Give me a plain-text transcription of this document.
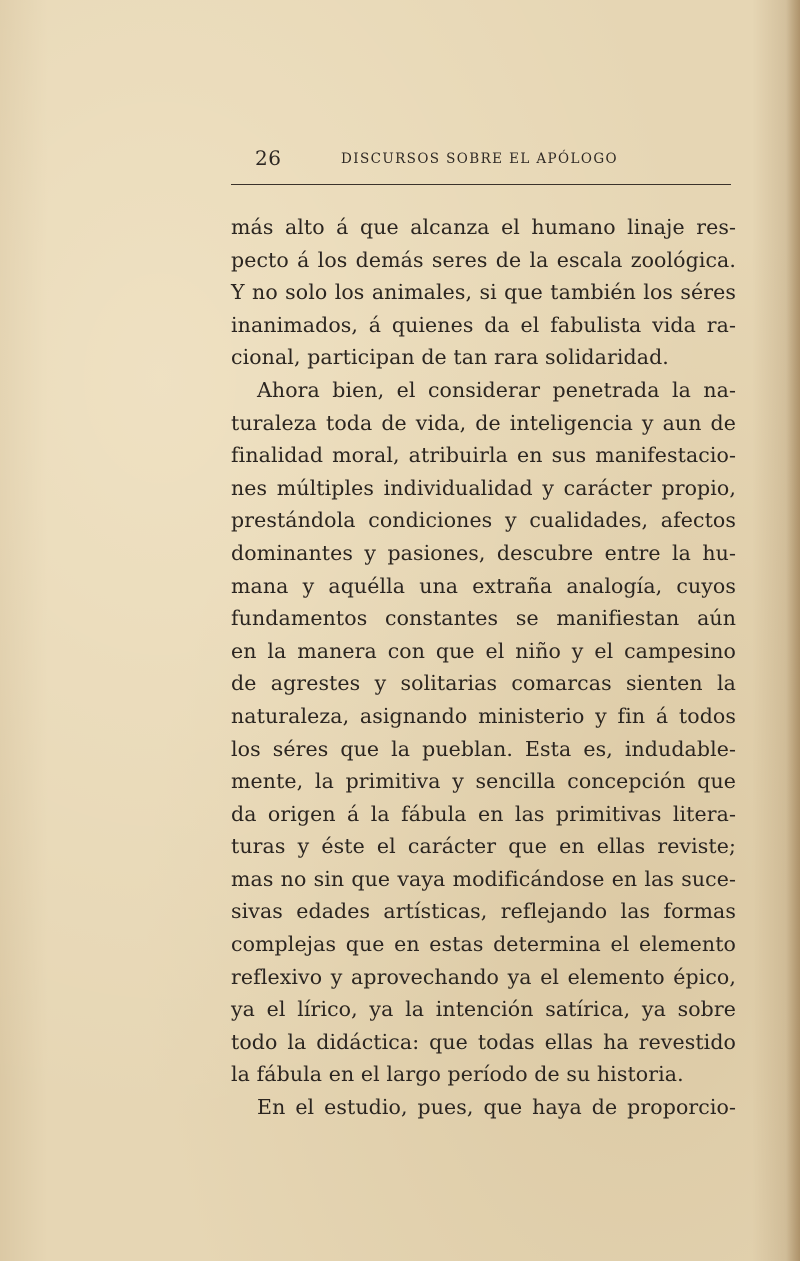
26	DISCURSOS SOBRE EL APÓLOGO
más alto á que alcanza el humano linaje res-
pecto á los demás seres de la escala zoológica.
Y no solo los animales, si que también los séres
inanimados, á quienes da el fabulista vida ra-
cional, participan de tan rara solidaridad.
Ahora bien, el considerar penetrada la na-
turaleza toda de vida, de inteligencia y aun de
finalidad moral, atribuirla en sus manifestacio-
nes múltiples individualidad y carácter propio,
prestándola condiciones y cualidades, afectos
dominantes y pasiones, descubre entre la hu-
mana y aquélla una extraña analogía, cuyos
fundamentos constantes se manifiestan aún
en la manera con que el niño y el campesino
de agrestes y solitarias comarcas sienten la
naturaleza, asignando ministerio y fin á todos
los séres que la pueblan. Esta es, indudable-
mente, la primitiva y sencilla concepción que
da origen á la fábula en las primitivas litera-
turas y éste el carácter que en ellas reviste;
mas no sin que vaya modificándose en las suce-
sivas edades artísticas, reflejando las formas
complejas que en estas determina el elemento
reflexivo y aprovechando ya el elemento épico,
ya el lírico, ya la intención satírica, ya sobre
todo la didáctica: que todas ellas ha revestido
la fábula en el largo período de su historia.
En el estudio, pues, que haya de proporcio-
